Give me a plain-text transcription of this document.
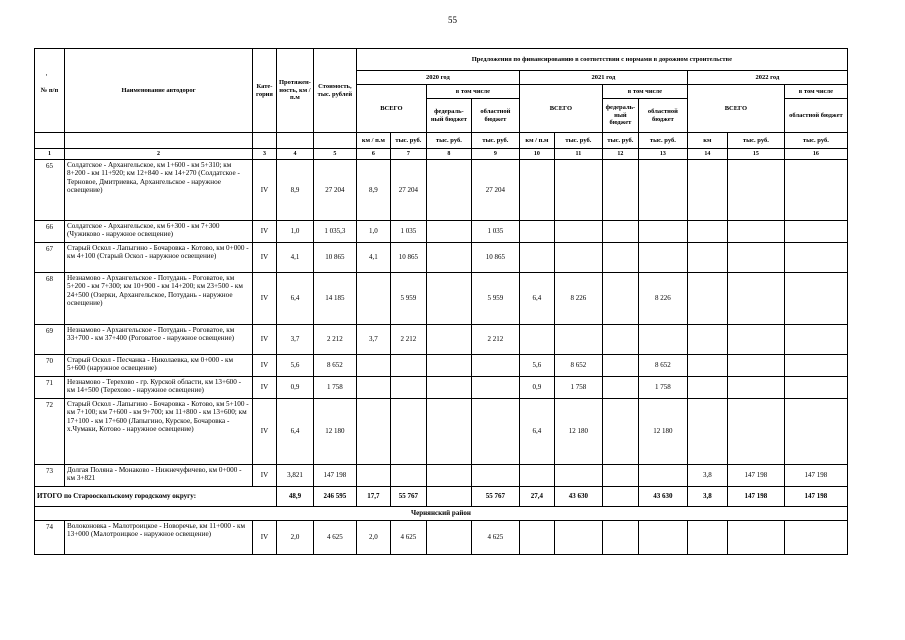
55
·
№ п/п	Наименование автодорог	Кате-гория	Протяжен-ность, км / п.м	Стоимость, тыс. рублей	Предложения по финансированию в соответствии с нормами в дорожном строительстве										
					2020 год				2021 год				2022 год		
					ВСЕГО		в том числе		ВСЕГО		в том числе		ВСЕГО		в том числе
							федераль-ный бюджет	областной бюджет			федераль-ный бюджет	областной бюджет			областной бюджет
					км / п.м	тыс. руб.	тыс. руб.	тыс. руб.	км / п.м	тыс. руб.	тыс. руб.	тыс. руб.	км	тыс. руб.	тыс. руб.
1	2	3	4	5	6	7	8	9	10	11	12	13	14	15	16
65	Солдатское - Архангельское, км 1+600 - км 5+310; км 8+200 - км 11+920; км 12+840 - км 14+270 (Солдатское - Терновое, Дмитриевка, Архангельское - наружное освещение)	IV	8,9	27 204	8,9	27 204		27 204							
66	Солдатское - Архангельское, км 6+300 - км 7+300 (Чужиково - наружное освещение)	IV	1,0	1 035,3	1,0	1 035		1 035							
67	Старый Оскол - Лапыгино - Бочаровка - Котово, км 0+000 - км 4+100 (Старый Оскол - наружное освещение)	IV	4,1	10 865	4,1	10 865		10 865							
68	Незнамово - Архангельское - Потудань - Роговатое, км 5+200 - км 7+300; км 10+900 - км 14+200; км 23+500 - км 24+500 (Озерки, Архангельское, Потудань - наружное освещение)	IV	6,4	14 185		5 959		5 959	6,4	8 226		8 226			
69	Незнамово - Архангельское - Потудань - Роговатое, км 33+700 - км 37+400 (Роговатое - наружное освещение)	IV	3,7	2 212	3,7	2 212		2 212							
70	Старый Оскол - Песчанка - Николаевка, км 0+000 - км 5+600 (наружное освещение)	IV	5,6	8 652					5,6	8 652		8 652			
71	Незнамово - Терехово - гр. Курской области, км 13+600 - км 14+500 (Терехово - наружное освещение)	IV	0,9	1 758					0,9	1 758		1 758			
72	Старый Оскол - Лапыгино - Бочаровка - Котово, км 5+100 - км 7+100; км 7+600 - км 9+700; км 11+800 - км 13+600; км 17+100 - км 17+600 (Лапыгино, Курское, Бочаровка - х.Чумаки, Котово - наружное освещение)	IV	6,4	12 180					6,4	12 180		12 180			
73	Долгая Поляна - Монаково - Нижнечуфичево, км 0+000 - км 3+821	IV	3,821	147 198									3,8	147 198	147 198
ИТОГО по Старооскольскому городскому округу:			48,9	246 595	17,7	55 767		55 767	27,4	43 630		43 630	3,8	147 198	147 198
Чернянский район															
74	Волоконовка - Малотроицкое - Новоречье, км 11+000 - км 13+000 (Малотроицкое - наружное освещение)	IV	2,0	4 625	2,0	4 625		4 625							
